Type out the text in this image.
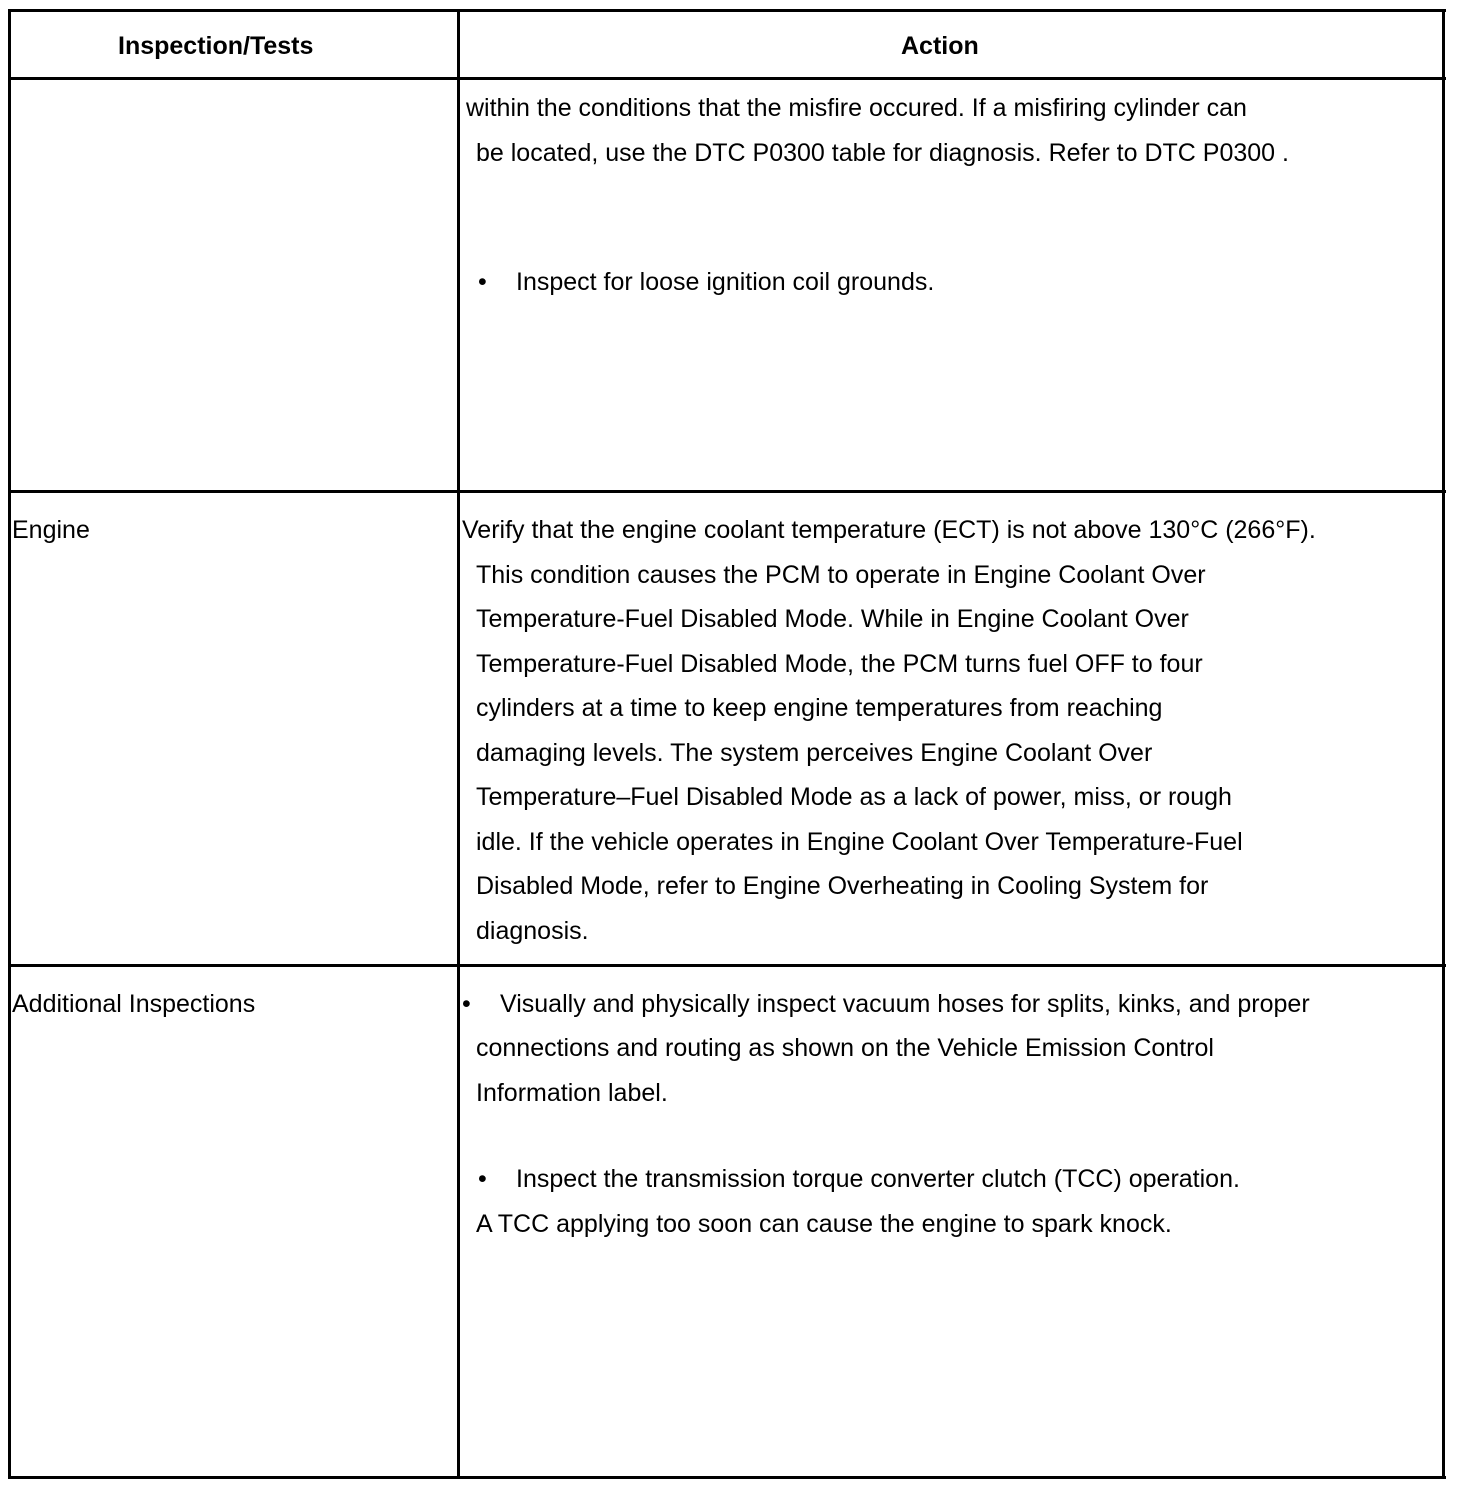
Inspection/Tests	Action
within the conditions that the misfire occured. If a misfiring cylinder can
be located, use the DTC P0300 table for diagnosis. Refer to DTC P0300 .
• Inspect for loose ignition coil grounds.
Engine	Verify that the engine coolant temperature (ECT) is not above 130°C (266°F).
This condition causes the PCM to operate in Engine Coolant Over
Temperature-Fuel Disabled Mode. While in Engine Coolant Over
Temperature-Fuel Disabled Mode, the PCM turns fuel OFF to four
cylinders at a time to keep engine temperatures from reaching
damaging levels. The system perceives Engine Coolant Over
Temperature–Fuel Disabled Mode as a lack of power, miss, or rough
idle. If the vehicle operates in Engine Coolant Over Temperature-Fuel
Disabled Mode, refer to Engine Overheating in Cooling System for
diagnosis.
Additional Inspections	• Visually and physically inspect vacuum hoses for splits, kinks, and proper
connections and routing as shown on the Vehicle Emission Control
Information label.
• Inspect the transmission torque converter clutch (TCC) operation.
A TCC applying too soon can cause the engine to spark knock.
